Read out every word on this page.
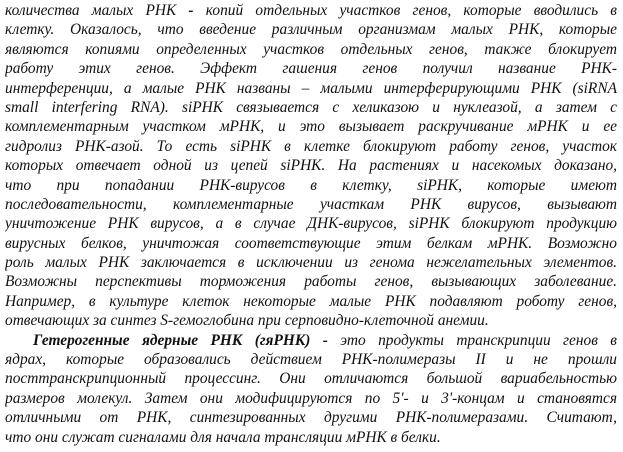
количества малых РНК - копий отдельных участков генов, которые вводились в
клетку. Оказалось, что введение различным организмам малых РНК, которые
являются копиями определенных участков отдельных генов, также блокирует
работу этих генов. Эффект гашения генов получил название РНК-
интерференции, а малые РНК названы – малыми интерферирующими РНК (siRNA
small interfering RNA). siРНК связывается с хеликазою и нуклеазой, а затем с
комплементарным участком мРНК, и это вызывает раскручивание мРНК и ее
гидролиз РНК-азой. То есть siРНК в клетке блокируют работу генов, участок
которых отвечает одной из цепей siРНК. На растениях и насекомых доказано,
что при попадании РНК-вирусов в клетку, siРНК, которые имеют
последовательности, комплементарные участкам РНК вирусов, вызывают
уничтожение РНК вирусов, а в случае ДНК-вирусов, siРНК блокируют продукцию
вирусных белков, уничтожая соответствующие этим белкам мРНК. Возможно
роль малых РНК заключается в исключении из генома нежелательных элементов.
Возможны перспективы торможения работы генов, вызывающих заболевание.
Например, в культуре клеток некоторые малые РНК подавляют роботу генов,
отвечающих за синтез S-гемоглобина при серповидно-клеточной анемии.
Гетерогенные ядерные РНК (гяРНК) - это продукты транскрипции генов в
ядрах, которые образовались действием РНК-полимеразы II и не прошли
посттранскрипционный процессинг. Они отличаются большой вариабельностью
размеров молекул. Затем они модифицируются по 5'- и 3'-концам и становятся
отличными от РНК, синтезированных другими РНК-полимеразами. Считают,
что они служат сигналами для начала трансляции мРНК в белки.
